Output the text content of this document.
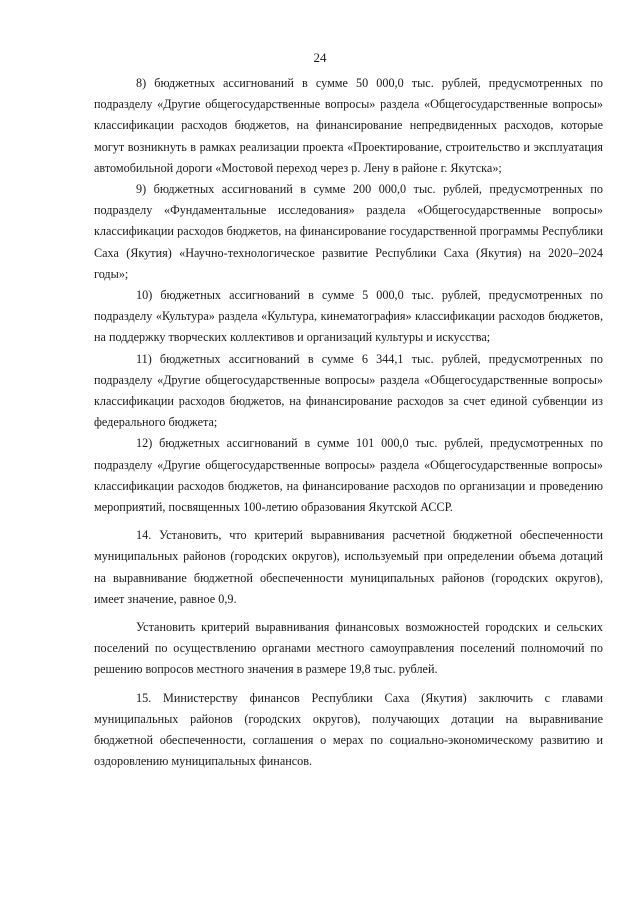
24

8) бюджетных ассигнований в сумме 50 000,0 тыс. рублей, предусмотренных по подразделу «Другие общегосударственные вопросы» раздела «Общегосударственные вопросы» классификации расходов бюджетов, на финансирование непредвиденных расходов, которые могут возникнуть в рамках реализации проекта «Проектирование, строительство и эксплуатация автомобильной дороги «Мостовой переход через р. Лену в районе г. Якутска»;

9) бюджетных ассигнований в сумме 200 000,0 тыс. рублей, предусмотренных по подразделу «Фундаментальные исследования» раздела «Общегосударственные вопросы» классификации расходов бюджетов, на финансирование государственной программы Республики Саха (Якутия) «Научно-технологическое развитие Республики Саха (Якутия) на 2020–2024 годы»;

10) бюджетных ассигнований в сумме 5 000,0 тыс. рублей, предусмотренных по подразделу «Культура» раздела «Культура, кинематография» классификации расходов бюджетов, на поддержку творческих коллективов и организаций культуры и искусства;

11) бюджетных ассигнований в сумме 6 344,1 тыс. рублей, предусмотренных по подразделу «Другие общегосударственные вопросы» раздела «Общегосударственные вопросы» классификации расходов бюджетов, на финансирование расходов за счет единой субвенции из федерального бюджета;

12) бюджетных ассигнований в сумме 101 000,0 тыс. рублей, предусмотренных по подразделу «Другие общегосударственные вопросы» раздела «Общегосударственные вопросы» классификации расходов бюджетов, на финансирование расходов по организации и проведению мероприятий, посвященных 100-летию образования Якутской АССР.

14. Установить, что критерий выравнивания расчетной бюджетной обеспеченности муниципальных районов (городских округов), используемый при определении объема дотаций на выравнивание бюджетной обеспеченности муниципальных районов (городских округов), имеет значение, равное 0,9.

Установить критерий выравнивания финансовых возможностей городских и сельских поселений по осуществлению органами местного самоуправления поселений полномочий по решению вопросов местного значения в размере 19,8 тыс. рублей.

15. Министерству финансов Республики Саха (Якутия) заключить с главами муниципальных районов (городских округов), получающих дотации на выравнивание бюджетной обеспеченности, соглашения о мерах по социально-экономическому развитию и оздоровлению муниципальных финансов.
